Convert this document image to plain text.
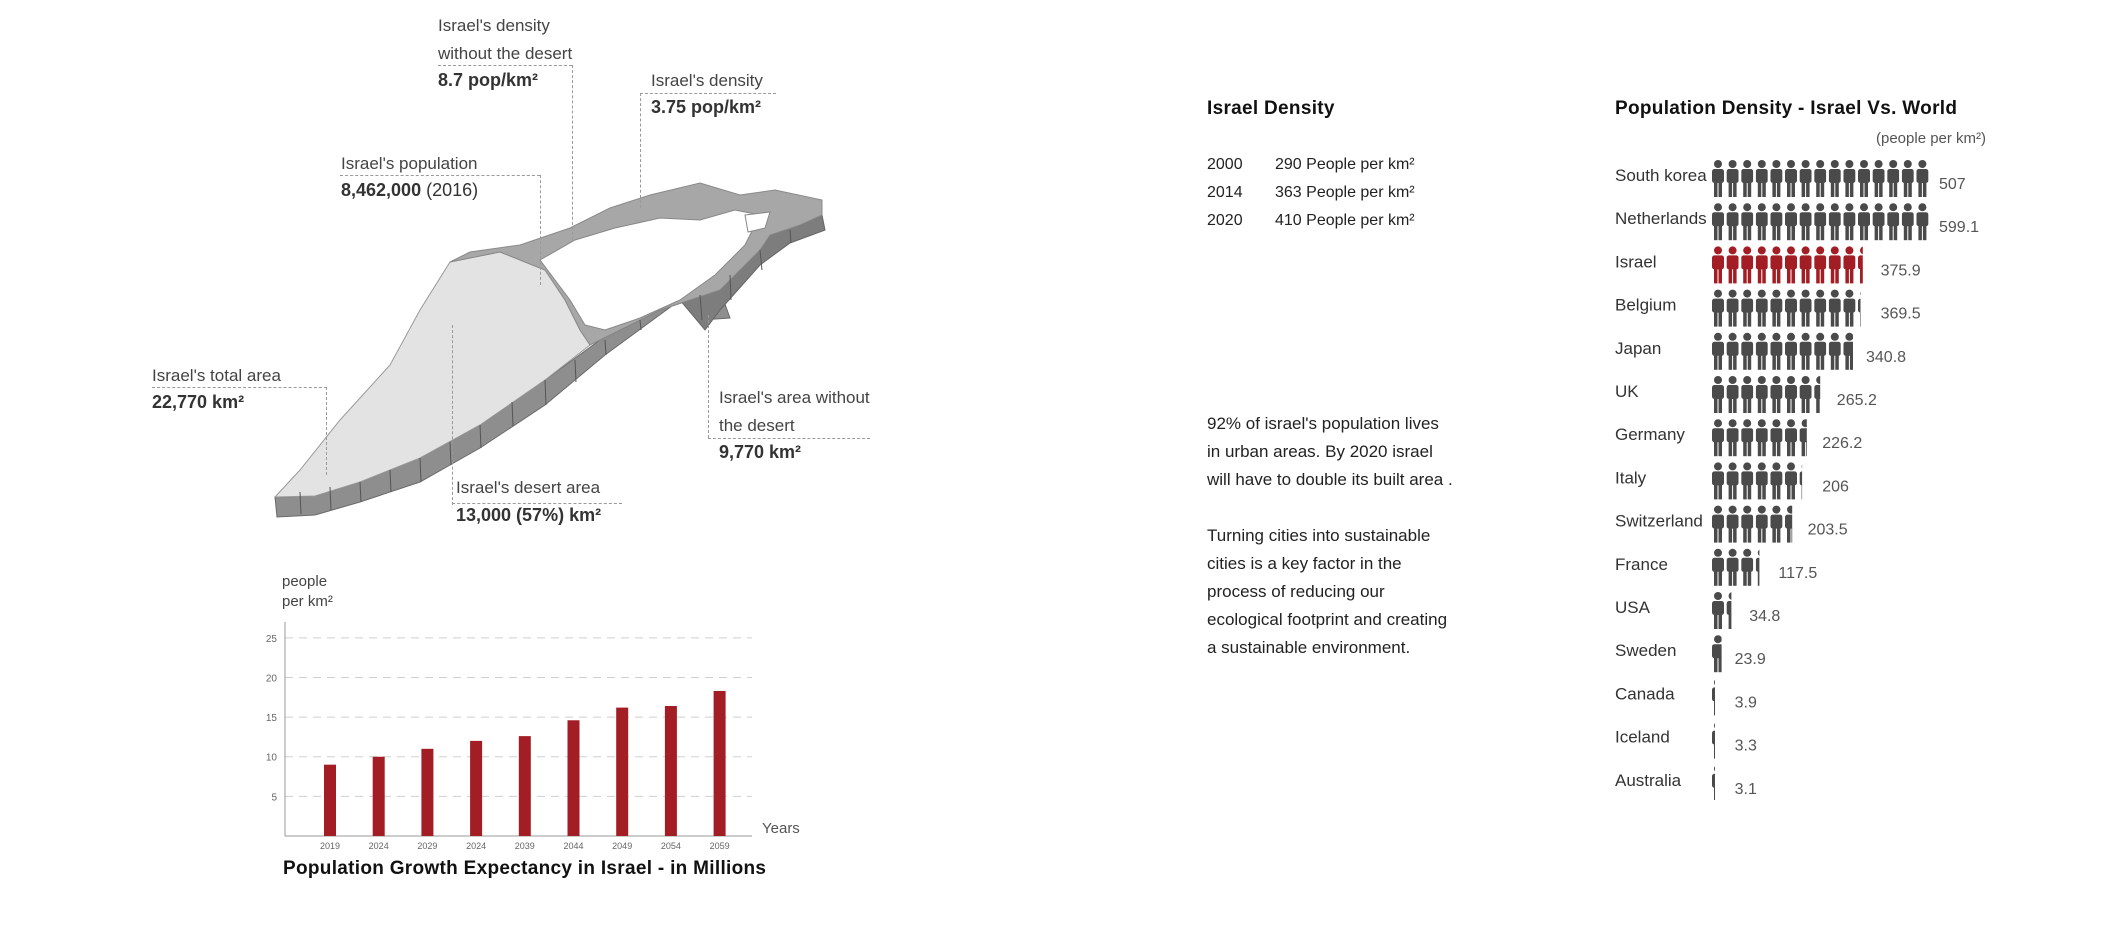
Israel's density
without the desert
8.7 pop/km²	Israel's density
3.75 pop/km²
Israel's population
8,462,000 (2016)
Israel's total area
22,770 km²	Israel's area without
the desert
9,770 km²
Israel's desert area
13,000 (57%) km²
people
per km²
5
10
15
20
25
2019	2024	2029	2024	2039	2044	2049	2054	2059
Years
Population Growth Expectancy in Israel - in Millions
Israel Density
2000 290 People per km²
2014 363 People per km²
2020 410 People per km²
92% of israel's population lives
in urban areas. By 2020 israel
will have to double its built area .
Turning cities into sustainable
cities is a key factor in the
process of reducing our
ecological footprint and creating
a sustainable environment.
Population Density - Israel Vs. World
(people per km²)
South korea	507
Netherlands	599.1
Israel	375.9
Belgium	369.5
Japan	340.8
UK	265.2
Germany	226.2
Italy	206
Switzerland	203.5
France	117.5
USA	34.8
Sweden	23.9
Canada	3.9
Iceland	3.3
Australia	3.1
